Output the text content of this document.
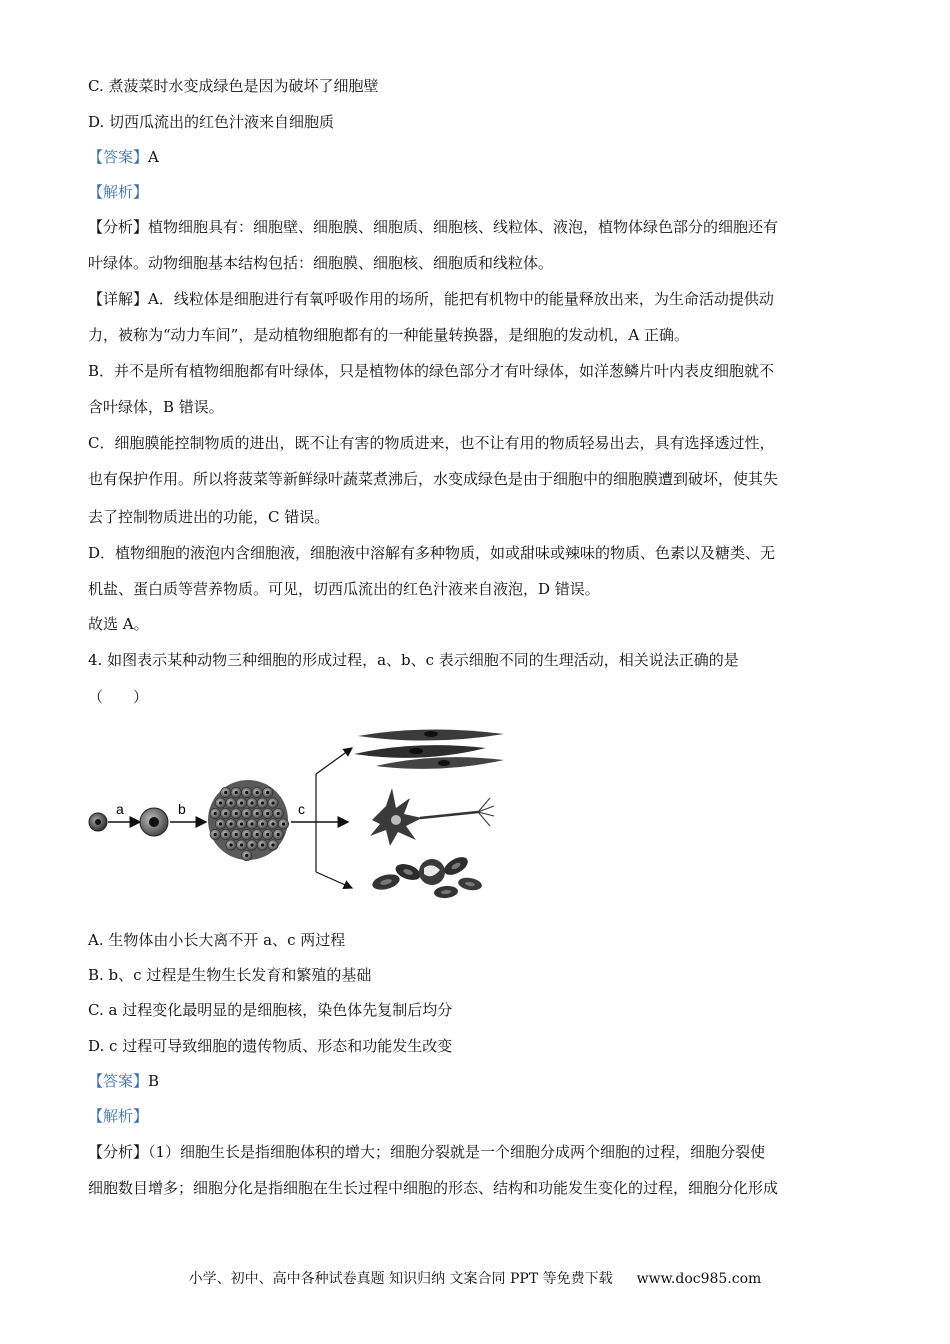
C. 煮菠菜时水变成绿色是因为破坏了细胞壁
D. 切西瓜流出的红色汁液来自细胞质
【答案】A
【解析】
【分析】植物细胞具有：细胞壁、细胞膜、细胞质、细胞核、线粒体、液泡，植物体绿色部分的细胞还有
叶绿体。动物细胞基本结构包括：细胞膜、细胞核、细胞质和线粒体。
【详解】A．线粒体是细胞进行有氧呼吸作用的场所，能把有机物中的能量释放出来，为生命活动提供动
力，被称为“动力车间”，是动植物细胞都有的一种能量转换器，是细胞的发动机，A 正确。
B．并不是所有植物细胞都有叶绿体，只是植物体的绿色部分才有叶绿体，如洋葱鳞片叶内表皮细胞就不
含叶绿体，B 错误。
C．细胞膜能控制物质的进出，既不让有害的物质进来，也不让有用的物质轻易出去，具有选择透过性，
也有保护作用。所以将菠菜等新鲜绿叶蔬菜煮沸后，水变成绿色是由于细胞中的细胞膜遭到破坏，使其失
去了控制物质进出的功能，C 错误。
D．植物细胞的液泡内含细胞液，细胞液中溶解有多种物质，如或甜味或辣味的物质、色素以及糖类、无
机盐、蛋白质等营养物质。可见，切西瓜流出的红色汁液来自液泡，D 错误。
故选 A。
4. 如图表示某种动物三种细胞的形成过程，a、b、c 表示细胞不同的生理活动，相关说法正确的是
（　　）
a	b	c
A. 生物体由小长大离不开 a、c 两过程
B. b、c 过程是生物生长发育和繁殖的基础
C. a 过程变化最明显的是细胞核，染色体先复制后均分
D. c 过程可导致细胞的遗传物质、形态和功能发生改变
【答案】B
【解析】
【分析】（1）细胞生长是指细胞体积的增大；细胞分裂就是一个细胞分成两个细胞的过程，细胞分裂使
细胞数目增多；细胞分化是指细胞在生长过程中细胞的形态、结构和功能发生变化的过程，细胞分化形成
小学、初中、高中各种试卷真题 知识归纳 文案合同 PPT 等免费下载 www.doc985.com
